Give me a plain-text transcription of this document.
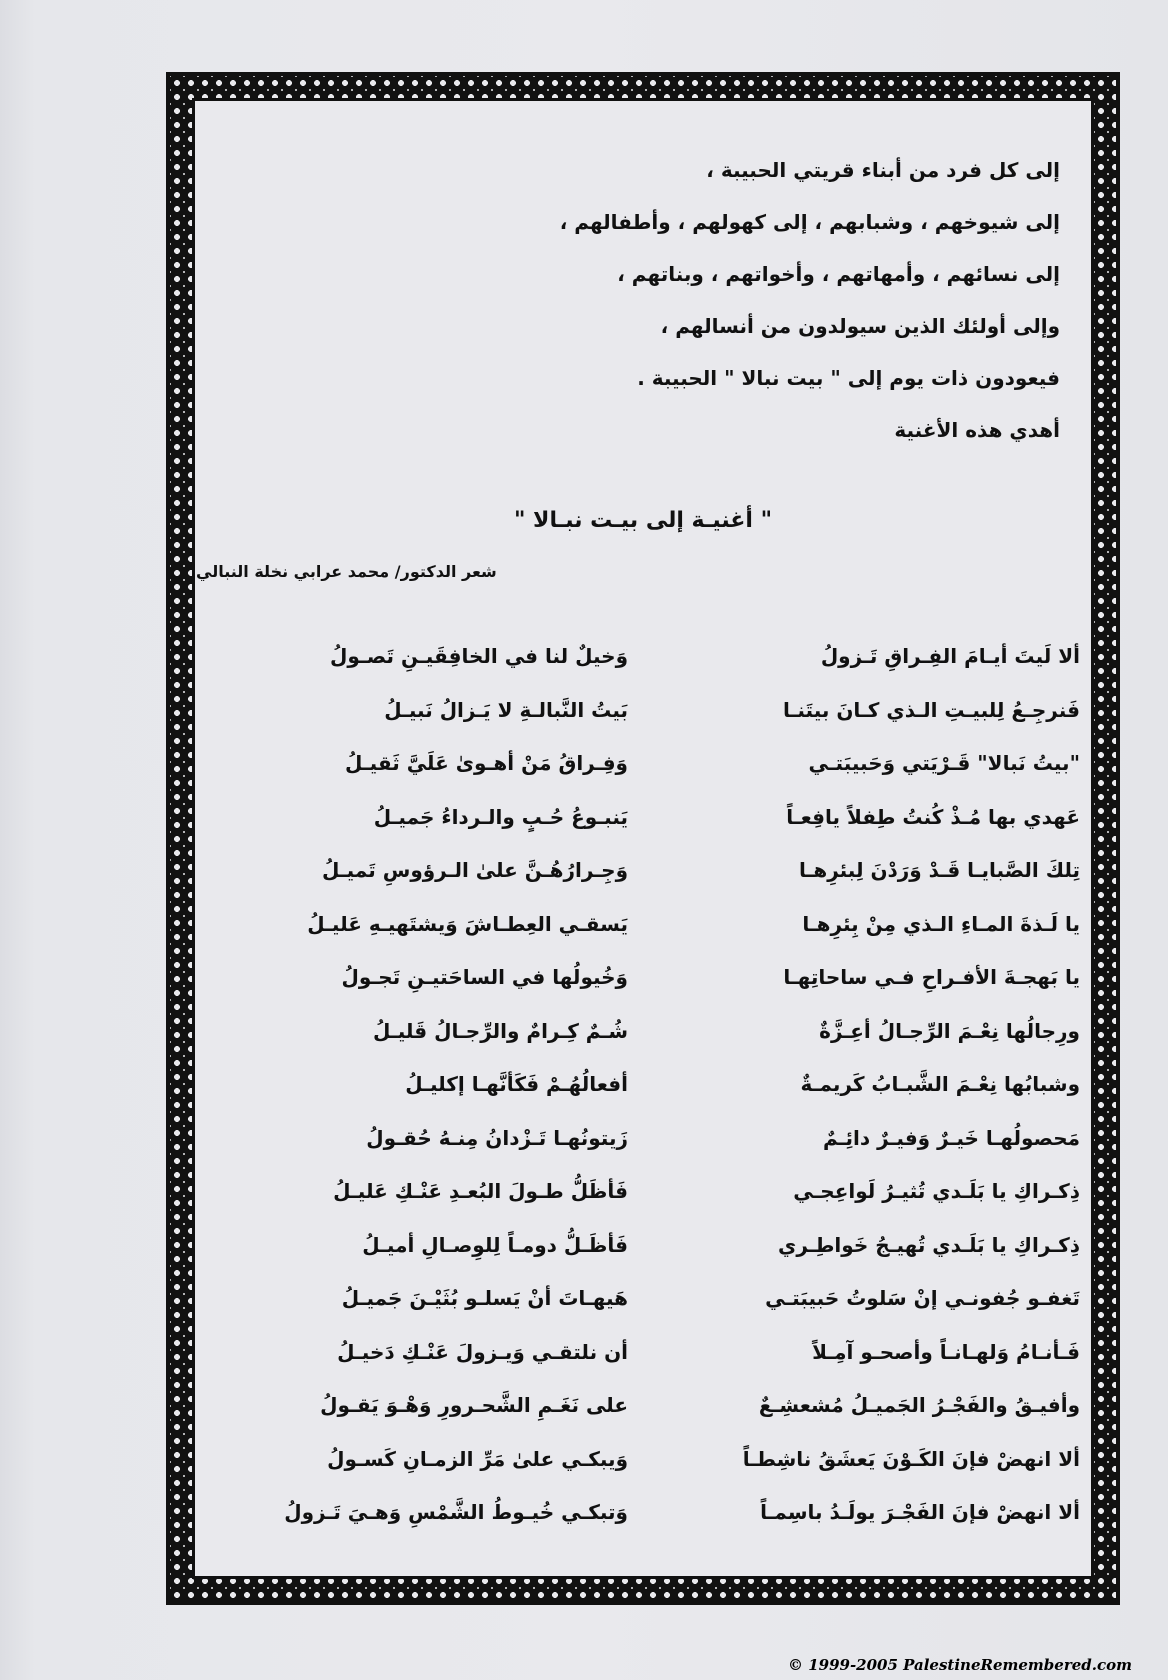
إلى كل فرد من أبناء قريتي الحبيبة ،
إلى شيوخهم ، وشبابهم ، إلى كهولهم ، وأطفالهم ،
إلى نسائهم ، وأمهاتهم ، وأخواتهم ، وبناتهم ،
وإلى أولئك الذين سيولدون من أنسالهم ،
فيعودون ذات يوم إلى " بيت نبالا " الحبيبة .
أهدي هذه الأغنية
" أغنيـة إلى بيـت نبـالا "
شعر الدكتور/ محمد عرابي نخلة النبالي
ألا لَيتَ أيـامَ الفِـراقِ تَـزولُ
وَخيلٌ لنا في الخافِقَيـنِ تَصـولُ
فَنرجِـعُ لِلبيـتِ الـذي كـانَ بيتَنـا
بَيتُ النَّبالـةِ لا يَـزالُ نَبيـلُ
"بيتُ نَبالا" قَـرْيَتي وَحَبيبَتـي
وَفِـراقُ مَنْ أهـوىٰ عَلَيَّ ثَقيـلُ
عَهدي بها مُـذْ كُنتُ طِفلاً يافِعـاً
يَنبـوعُ حُـبٍ والـرداءُ جَميـلُ
تِلكَ الصَّبايـا قَـدْ وَرَدْنَ لِبئرِهـا
وَجِـرارُهُـنَّ علىٰ الـرؤوسِ تَميـلُ
يا لَـذةَ المـاءِ الـذي مِنْ بِئرِهـا
يَسقـي العِطـاشَ وَيشتَهيـهِ عَليـلُ
يا بَهجـةَ الأفـراحِ فـي ساحاتِهـا
وَخُيولُها في الساحَتيـنِ تَجـولُ
ورِجالُها نِعْـمَ الرِّجـالُ أعِـزَّةٌ
شُـمٌ كِـرامٌ والرِّجـالُ قَليـلُ
وشبابُها نِعْـمَ الشَّبـابُ كَريمـةٌ
أفعالُهُـمْ فَكَأنَّهـا إكليـلُ
مَحصولُهـا خَيـرٌ وَفيـرٌ دائِـمٌ
زَيتونُهـا تَـزْدانُ مِنـهُ حُقـولُ
ذِكـراكِ يا بَلَـدي تُثيـرُ لَواعِجـي
فَأظَلُّ طـولَ البُعـدِ عَنْـكِ عَليـلُ
ذِكـراكِ يا بَلَـدي تُهيـجُ خَواطِـري
فَأظَـلُّ دومـاً لِلوِصـالِ أميـلُ
تَغفـو جُفونـي إنْ سَلوتُ حَبيبَتـي
هَيهـاتَ أنْ يَسلـو بُثَيْـنَ جَميـلُ
فَـأنـامُ وَلهـانـاً وأصحـو آمِـلاً
أن نلتقـي وَيـزولَ عَنْـكِ دَخيـلُ
وأفيـقُ والفَجْـرُ الجَميـلُ مُشعشِـعٌ
على نَغَـمِ الشَّحـرورِ وَهْـوَ يَقـولُ
ألا انهضْ فإنَ الكَـوْنَ يَعشَقُ ناشِطـاً
وَيبكـي علىٰ مَرِّ الزمـانِ كَسـولُ
ألا انهضْ فإنَ الفَجْـرَ يولَـدُ باسِمـاً
وَتبكـي خُيـوطُ الشَّمْسِ وَهـيَ تَـزولُ
© 1999-2005 PalestineRemembered.com
